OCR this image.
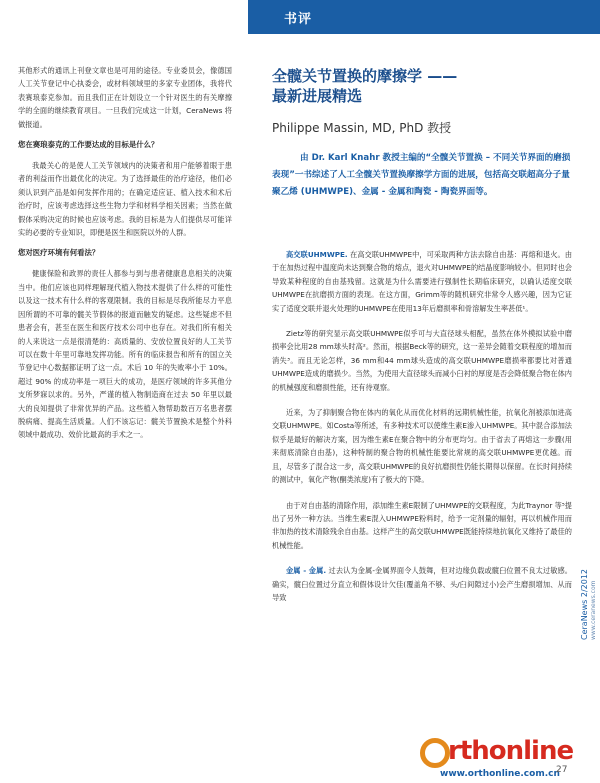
书评

其他形式的通讯上刊登文章也是可用的途径。专业委员会，像德国人工关节登记中心执委会，或材料领域里的多家专业团体，我将代表赛琅泰克参加。而且我们正在计划设立一个针对医生的有关摩擦学的全面的继续教育项目。一旦我们完成这一计划，CeraNews 将做报道。

您在赛琅泰克的工作要达成的目标是什么？

我最关心的是使人工关节领域内的决策者和用户能够着眼于患者的利益而作出最优化的决定。为了选择最佳的治疗途径，他们必须认识到产品是如何发挥作用的；在确定适应证、植入技术和术后治疗时，应该考虑选择这些生物力学和材料学相关因素；当然在做假体采购决定的时候也应该考虑。我的目标是为人们提供尽可能详实的必要的专业知识，即便是医生和医院以外的人群。

您对医疗环境有何看法？

健康保险和政界的责任人都参与到与患者健康息息相关的决策当中。他们应该也同样理解现代植入物技术提供了什么样的可能性以及这一技术有什么样的客观限制。我的目标是尽我所能尽力平息因所谓的不可靠的髋关节假体的报道而触发的疑虑。这些疑虑不但患者会有，甚至在医生和医疗技术公司中也存在。对我们所有相关的人来说这一点是很清楚的：高质量的、安放位置良好的人工关节可以在数十年里可靠地发挥功能。所有的临床报告和所有的国立关节登记中心数据都证明了这一点。术后 10 年的失败率小于 10%。超过 90% 的成功率是一项巨大的成功，是医疗领域的许多其他分支所梦寐以求的。另外，严谨的植入物制造商在过去 50 年里以最大的良知提供了非常优异的产品。这些植入物帮助数百万名患者摆脱病痛、提高生活质量。人们不该忘记：髋关节置换术是整个外科领域中最成功、效价比最高的手术之一。

全髋关节置换的摩擦学 ——
最新进展精选
Philippe Massin, MD, PhD 教授
由 Dr. Karl Knahr 教授主编的“全髋关节置换 – 不同关节界面的磨损表现”一书综述了人工全髋关节置换摩擦学方面的进展，包括高交联超高分子量聚乙烯 (UHMWPE)、金属 - 金属和陶瓷 - 陶瓷界面等。

高交联UHMWPE. 在高交联UHMWPE中，可采取两种方法去除自由基：再熔和退火。由于在加热过程中温度尚未达到聚合物的熔点，退火对UHMWPE的结晶度影响较小。但同时也会导致某种程度的自由基残留。这就是为什么需要进行强制性长期临床研究，以确认适度交联UHMWPE在抗磨损方面的表现。在这方面，Grimm等的随机研究非常令人感兴趣，因为它证实了适度交联并退火处理的UHMWPE在使用13年后磨损率和骨溶解发生率甚低¹。

Zietz等的研究显示高交联UHMWPE似乎可与大直径球头相配，虽然在体外模拟试验中磨损率会比用28 mm球头时高²。然而，根据Beck等的研究，这一差异会随着交联程度的增加而消失³。而且无论怎样，36 mm和44 mm球头造成的高交联UHMWPE磨损率都要比对普通UHMWPE造成的磨损少。当然，为使用大直径球头而减小臼衬的厚度是否会降低聚合物在体内的机械强度和磨损性能，还有待观察。

近来，为了抑制聚合物在体内的氧化从而优化材料的远期机械性能，抗氧化剂被添加进高交联UHMWPE。如Costa等所述，有多种技术可以使维生素E渗入UHMWPE。其中混合添加法似乎是最好的解决方案，因为维生素E在聚合物中的分布更均匀。由于省去了再熔这一步骤(用来彻底清除自由基)，这种特制的聚合物的机械性能要比常规的高交联UHMWPE更优越。而且，尽管多了混合这一步，高交联UHMWPE的良好抗磨损性仍能长期得以保留。在长时间持续的测试中，氧化产物(酮类浓度)有了极大的下降。

由于对自由基的清除作用，添加维生素E限制了UHMWPE的交联程度，为此Traynor 等⁵提出了另外一种方法。当维生素E混入UHMWPE粉料时，给予一定剂量的辐射，再以机械作用而非加热的技术清除残余自由基。这样产生的高交联UHMWPE既能持续地抗氧化又维持了最佳的机械性能。

金属 - 金属. 过去认为金属-金属界面令人鼓舞，但对边缘负载或髋臼位置不良太过敏感。确实，髋臼位置过分直立和假体设计欠佳(覆盖角不够、头/臼间隙过小)会产生磨损增加、从而导致	CeraNews 2/2012 www.ceranews.com
rthonline
www.orthonline.com.cn
27
